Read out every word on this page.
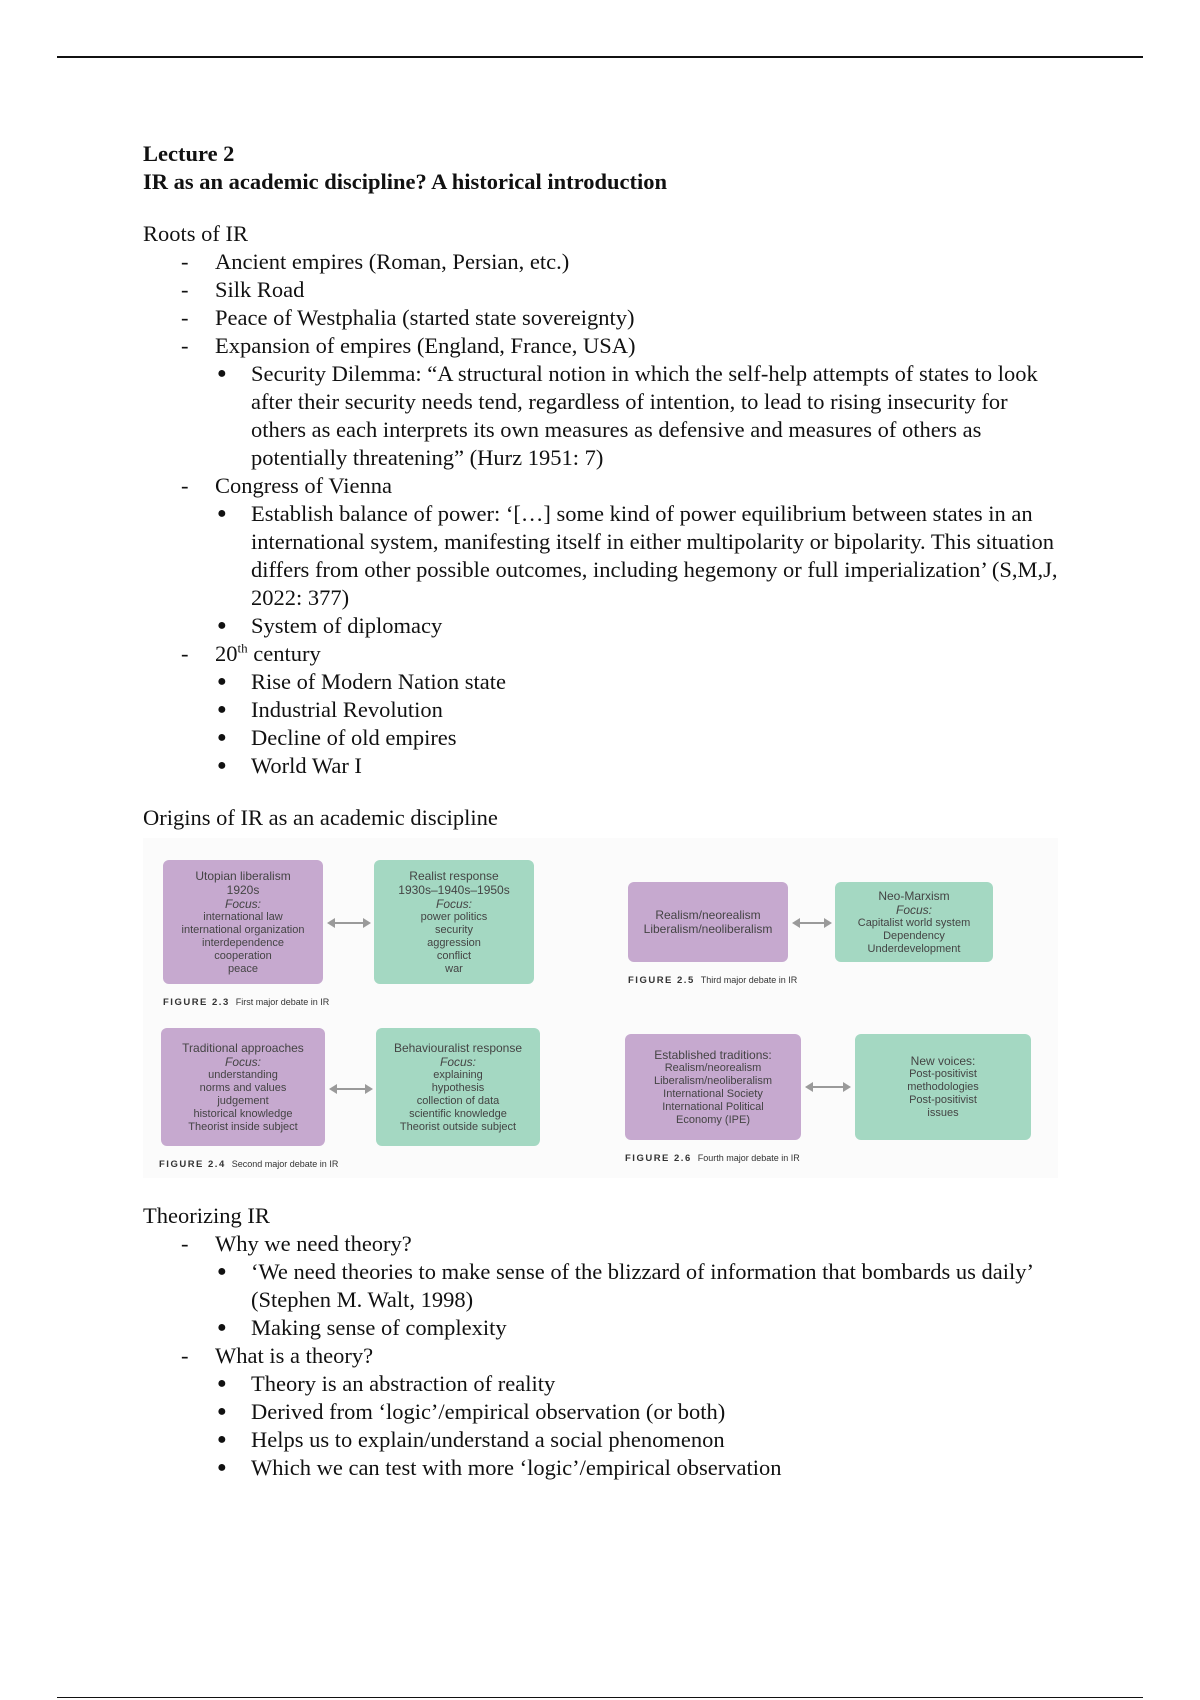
Lecture 2
IR as an academic discipline? A historical introduction
Roots of IR
- Ancient empires (Roman, Persian, etc.)
- Silk Road
- Peace of Westphalia (started state sovereignty)
- Expansion of empires (England, France, USA)
● Security Dilemma: “A structural notion in which the self-help attempts of states to look after their security needs tend, regardless of intention, to lead to rising insecurity for others as each interprets its own measures as defensive and measures of others as potentially threatening” (Hurz 1951: 7)
- Congress of Vienna
● Establish balance of power: ‘[…] some kind of power equilibrium between states in an international system, manifesting itself in either multipolarity or bipolarity. This situation differs from other possible outcomes, including hegemony or full imperialization’ (S,M,J, 2022: 377)
● System of diplomacy
- 20th century
● Rise of Modern Nation state
● Industrial Revolution
● Decline of old empires
● World War I
Origins of IR as an academic discipline
Utopian liberalism
1920s
Focus:
international law
international organization
interdependence
cooperation
peace
Realist response
1930s–1940s–1950s
Focus:
power politics
security
aggression
conflict
war
FIGURE 2.3 First major debate in IR
Traditional approaches
Focus:
understanding
norms and values
judgement
historical knowledge
Theorist inside subject
Behaviouralist response
Focus:
explaining
hypothesis
collection of data
scientific knowledge
Theorist outside subject
FIGURE 2.4 Second major debate in IR
Realism/neorealism
Liberalism/neoliberalism
Neo-Marxism
Focus:
Capitalist world system
Dependency
Underdevelopment
FIGURE 2.5 Third major debate in IR
Established traditions:
Realism/neorealism
Liberalism/neoliberalism
International Society
International Political
Economy (IPE)
New voices:
Post-positivist
methodologies
Post-positivist
issues
FIGURE 2.6 Fourth major debate in IR
Theorizing IR
- Why we need theory?
● ‘We need theories to make sense of the blizzard of information that bombards us daily’ (Stephen M. Walt, 1998)
● Making sense of complexity
- What is a theory?
● Theory is an abstraction of reality
● Derived from ‘logic’/empirical observation (or both)
● Helps us to explain/understand a social phenomenon
● Which we can test with more ‘logic’/empirical observation
